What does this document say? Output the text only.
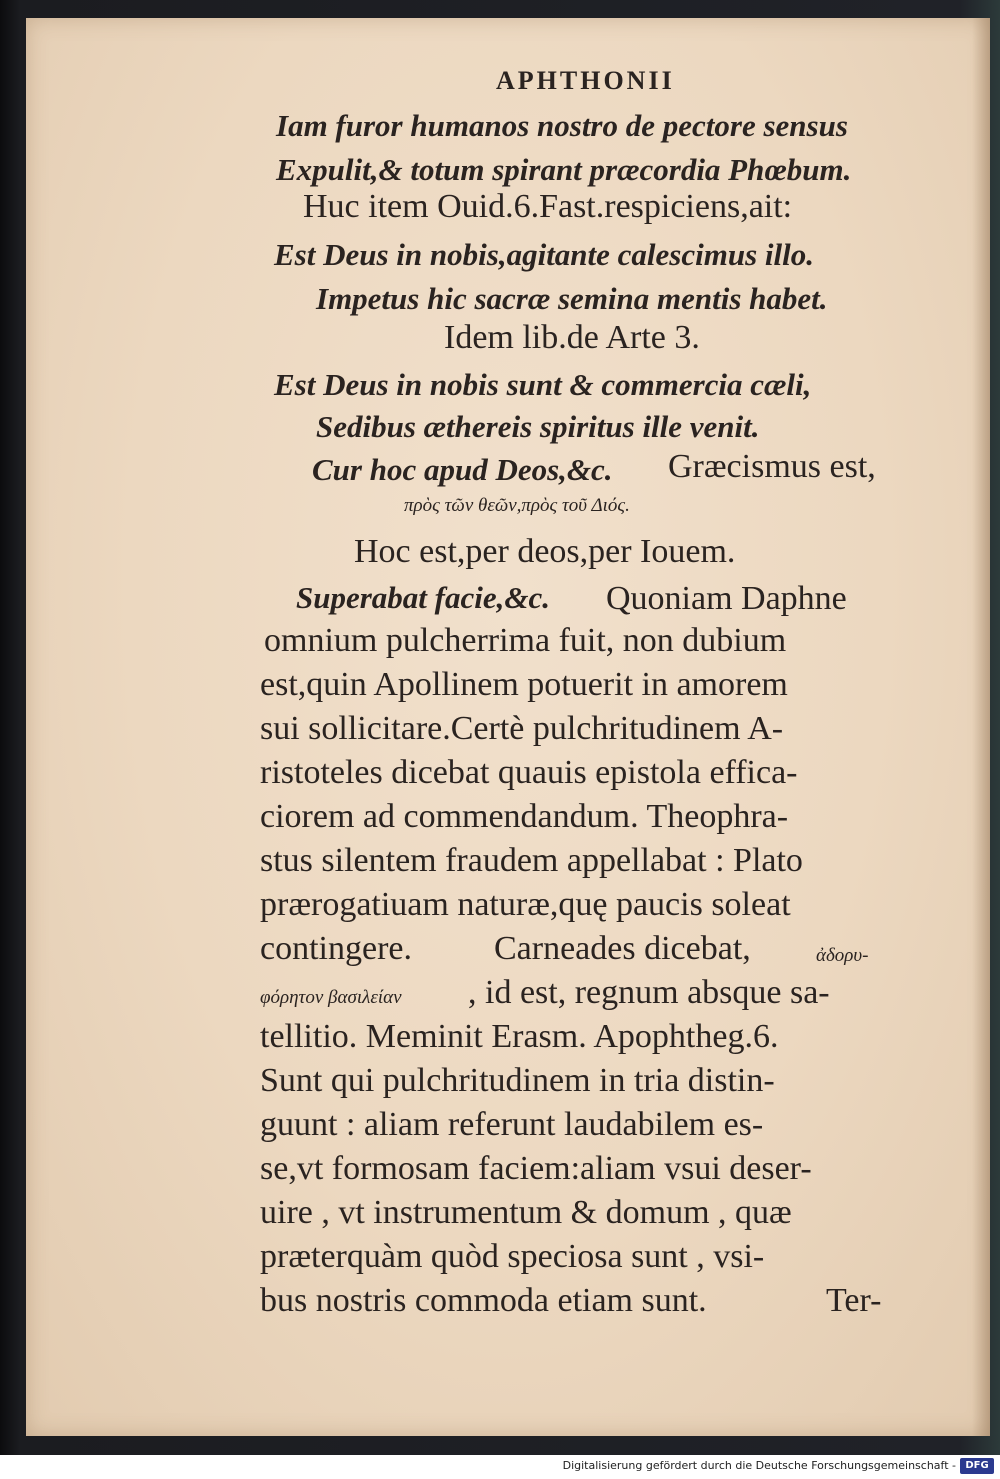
APHTHONII
Iam furor humanos nostro de pectore sensus
Expulit,& totum spirant præcordia Phœbum.
Huc item Ouid.6.Fast.respiciens,ait:
Est Deus in nobis,agitante calescimus illo.
Impetus hic sacræ semina mentis habet.
Idem lib.de Arte 3.
Est Deus in nobis sunt & commercia cæli,
Sedibus æthereis spiritus ille venit.
Cur hoc apud Deos,&c. Græcismus est,
πρὸς τῶν θεῶν,πρὸς τοῦ Διός.
Hoc est,per deos,per Iouem.
Superabat facie,&c. Quoniam Daphne
omnium pulcherrima fuit, non dubium
est,quin Apollinem potuerit in amorem
sui sollicitare.Certè pulchritudinem A-
ristoteles dicebat quauis epistola effica-
ciorem ad commendandum. Theophra-
stus silentem fraudem appellabat : Plato
prærogatiuam naturæ,quę paucis soleat
contingere. Carneades dicebat,	ἀδορυ-
φόρητον βασιλείαν , id est, regnum absque sa-
tellitio. Meminit Erasm. Apophtheg.6.
Sunt qui pulchritudinem in tria distin-
guunt : aliam referunt laudabilem es-
se,vt formosam faciem:aliam vsui deser-
uire , vt instrumentum & domum , quæ
præterquàm quòd speciosa sunt , vsi-
bus nostris commoda etiam sunt.	Ter-
Digitalisierung gefördert durch die Deutsche Forschungsgemeinschaft - DFG
